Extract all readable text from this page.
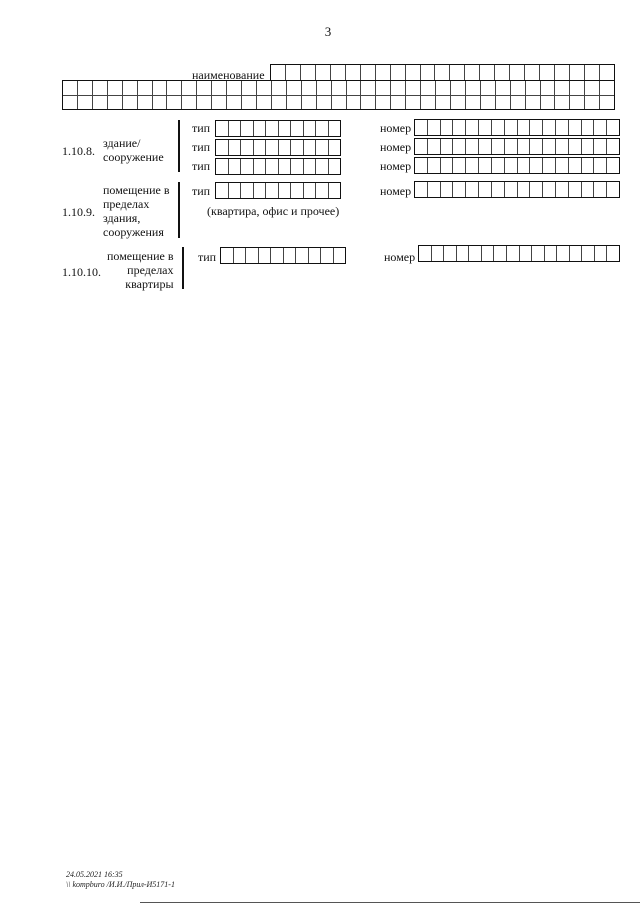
3
наименование
1.10.8.
здание/
сооружение
тип
тип
тип
номер
номер
номер
1.10.9.
помещение в
пределах
здания,
сооружения
тип
(квартира, офис и прочее)
номер
1.10.10.
помещение в
пределах
квартиры
тип	номер
24.05.2021 16:35
\\ kompburo /И.И./Прил-И5171-1
